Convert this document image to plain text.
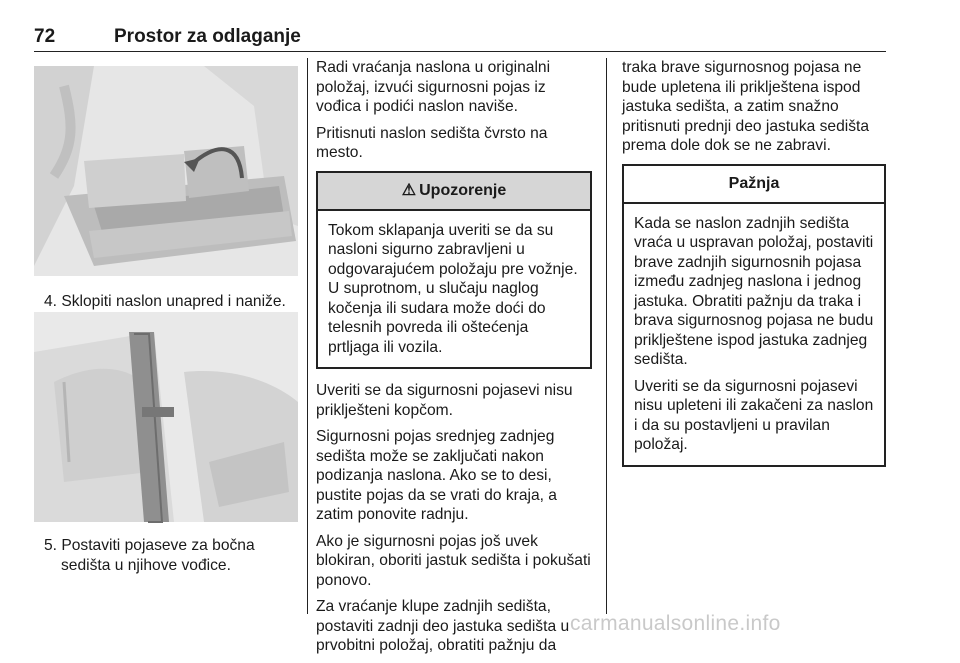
72	Prostor za odlaganje
4. Sklopiti naslon unapred i naniže.
5. Postaviti pojaseve za bočna sedišta u njihove vođice.

Radi vraćanja naslona u originalni položaj, izvući sigurnosni pojas iz vođica i podići naslon naviše.

Pritisnuti naslon sedišta čvrsto na mesto.

⚠ Upozorenje

Tokom sklapanja uveriti se da su nasloni sigurno zabravljeni u odgovarajućem položaju pre vožnje. U suprotnom, u slučaju naglog kočenja ili sudara može doći do telesnih povreda ili oštećenja prtljaga ili vozila.

Uveriti se da sigurnosni pojasevi nisu priklješteni kopčom.

Sigurnosni pojas srednjeg zadnjeg sedišta može se zaključati nakon podizanja naslona. Ako se to desi, pustite pojas da se vrati do kraja, a zatim ponovite radnju.

Ako je sigurnosni pojas još uvek blokiran, oboriti jastuk sedišta i pokušati ponovo.

Za vraćanje klupe zadnjih sedišta, postaviti zadnji deo jastuka sedišta u prvobitni položaj, obratiti pažnju da

traka brave sigurnosnog pojasa ne bude upletena ili priklještena ispod jastuka sedišta, a zatim snažno pritisnuti prednji deo jastuka sedišta prema dole dok se ne zabravi.

Pažnja

Kada se naslon zadnjih sedišta vraća u uspravan položaj, postaviti brave zadnjih sigurnosnih pojasa između zadnjeg naslona i jednog jastuka. Obratiti pažnju da traka i brava sigurnosnog pojasa ne budu priklještene ispod jastuka zadnjeg sedišta.

Uveriti se da sigurnosni pojasevi nisu upleteni ili zakačeni za naslon i da su postavljeni u pravilan položaj.

carmanualsonline.info
